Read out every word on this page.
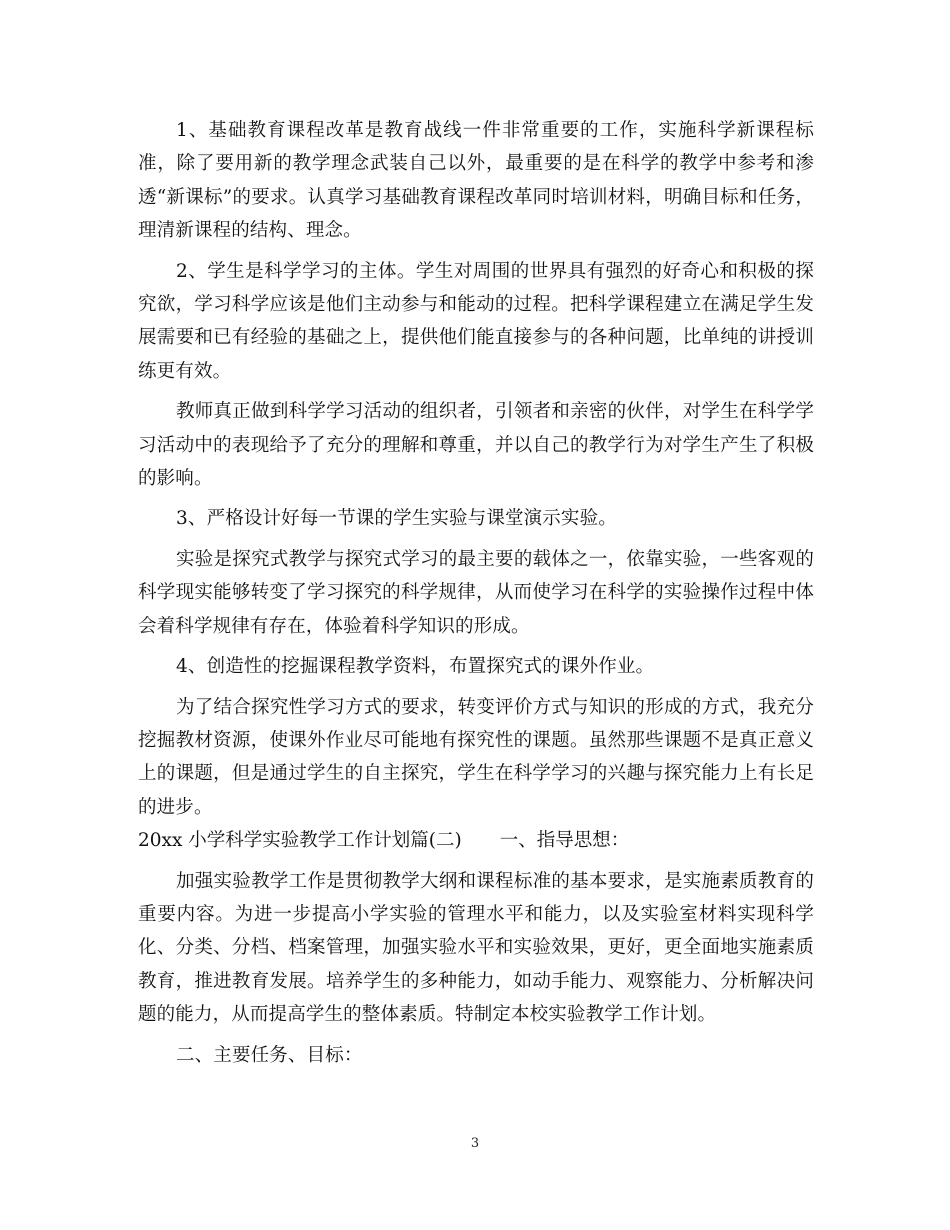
1、基础教育课程改革是教育战线一件非常重要的工作，实施科学新课程标准，除了要用新的教学理念武装自己以外，最重要的是在科学的教学中参考和渗透“新课标”的要求。认真学习基础教育课程改革同时培训材料，明确目标和任务，理清新课程的结构、理念。

2、学生是科学学习的主体。学生对周围的世界具有强烈的好奇心和积极的探究欲，学习科学应该是他们主动参与和能动的过程。把科学课程建立在满足学生发展需要和已有经验的基础之上，提供他们能直接参与的各种问题，比单纯的讲授训练更有效。

教师真正做到科学学习活动的组织者，引领者和亲密的伙伴，对学生在科学学习活动中的表现给予了充分的理解和尊重，并以自己的教学行为对学生产生了积极的影响。

3、严格设计好每一节课的学生实验与课堂演示实验。

实验是探究式教学与探究式学习的最主要的载体之一，依靠实验，一些客观的科学现实能够转变了学习探究的科学规律，从而使学习在科学的实验操作过程中体会着科学规律有存在，体验着科学知识的形成。

4、创造性的挖掘课程教学资料，布置探究式的课外作业。

为了结合探究性学习方式的要求，转变评价方式与知识的形成的方式，我充分挖掘教材资源，使课外作业尽可能地有探究性的课题。虽然那些课题不是真正意义上的课题，但是通过学生的自主探究，学生在科学学习的兴趣与探究能力上有长足的进步。

20xx 小学科学实验教学工作计划篇(二) 一、指导思想：

加强实验教学工作是贯彻教学大纲和课程标准的基本要求，是实施素质教育的重要内容。为进一步提高小学实验的管理水平和能力，以及实验室材料实现科学化、分类、分档、档案管理，加强实验水平和实验效果，更好，更全面地实施素质教育，推进教育发展。培养学生的多种能力，如动手能力、观察能力、分析解决问题的能力，从而提高学生的整体素质。特制定本校实验教学工作计划。

二、主要任务、目标：

3
